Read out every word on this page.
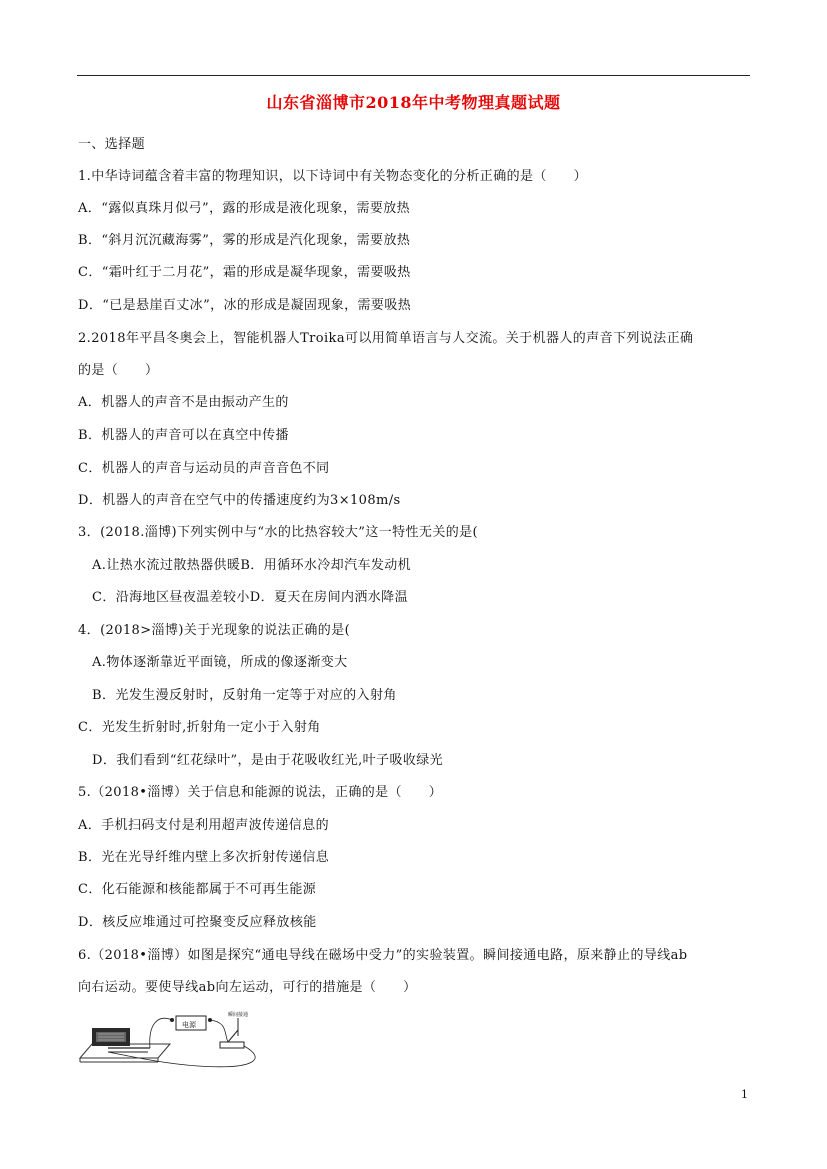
山东省淄博市2018年中考物理真题试题
一、选择题
1.中华诗词蕴含着丰富的物理知识，以下诗词中有关物态变化的分析正确的是（　　）
A．“露似真珠月似弓”，露的形成是液化现象，需要放热
B．“斜月沉沉藏海雾”，雾的形成是汽化现象，需要放热
C．“霜叶红于二月花”，霜的形成是凝华现象，需要吸热
D．“已是悬崖百丈冰”，冰的形成是凝固现象，需要吸热
2.2018年平昌冬奥会上，智能机器人Troika可以用简单语言与人交流。关于机器人的声音下列说法正确
的是（　　）
A．机器人的声音不是由振动产生的
B．机器人的声音可以在真空中传播
C．机器人的声音与运动员的声音音色不同
D．机器人的声音在空气中的传播速度约为3×108m/s
3．(2018.淄博)下列实例中与“水的比热容较大”这一特性无关的是(
A.让热水流过散热器供暖B．用循环水冷却汽车发动机
C．沿海地区昼夜温差较小D．夏天在房间内洒水降温
4．(2018>淄博)关于光现象的说法正确的是(
A.物体逐渐靠近平面镜，所成的像逐渐变大
B．光发生漫反射时，反射角一定等于对应的入射角
C．光发生折射时,折射角一定小于入射角
D．我们看到“红花绿叶”，是由于花吸收红光,叶子吸收绿光
5.（2018•淄博）关于信息和能源的说法，正确的是（　　）
A．手机扫码支付是利用超声波传递信息的
B．光在光导纤维内壁上多次折射传递信息
C．化石能源和核能都属于不可再生能源
D．核反应堆通过可控聚变反应释放核能
6.（2018•淄博）如图是探究“通电导线在磁场中受力”的实验装置。瞬间接通电路，原来静止的导线ab
向右运动。要使导线ab向左运动，可行的措施是（　　）
电源
瞬间接通
1
